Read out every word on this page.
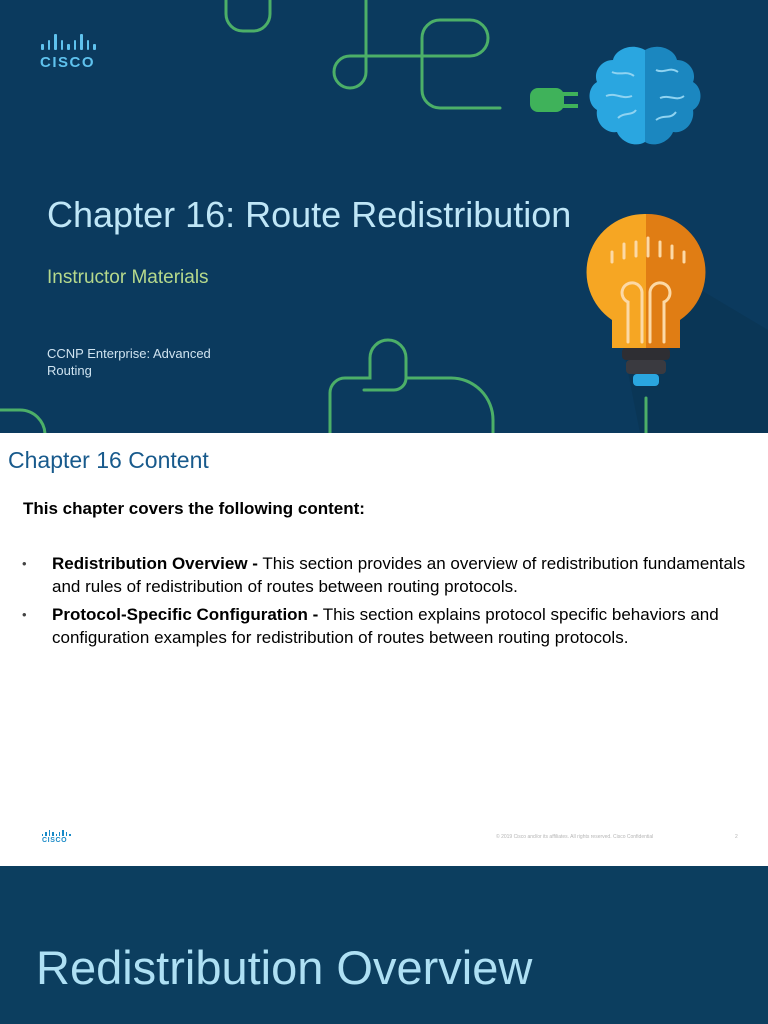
CISCO
Chapter 16: Route Redistribution
Instructor Materials
CCNP Enterprise: Advanced Routing
Chapter 16 Content
This chapter covers the following content:
• Redistribution Overview - This section provides an overview of redistribution fundamentals and rules of redistribution of routes between routing protocols.
• Protocol-Specific Configuration - This section explains protocol specific behaviors and configuration examples for redistribution of routes between routing protocols.
CISCO	© 2019 Cisco and/or its affiliates. All rights reserved. Cisco Confidential	2
Redistribution Overview
